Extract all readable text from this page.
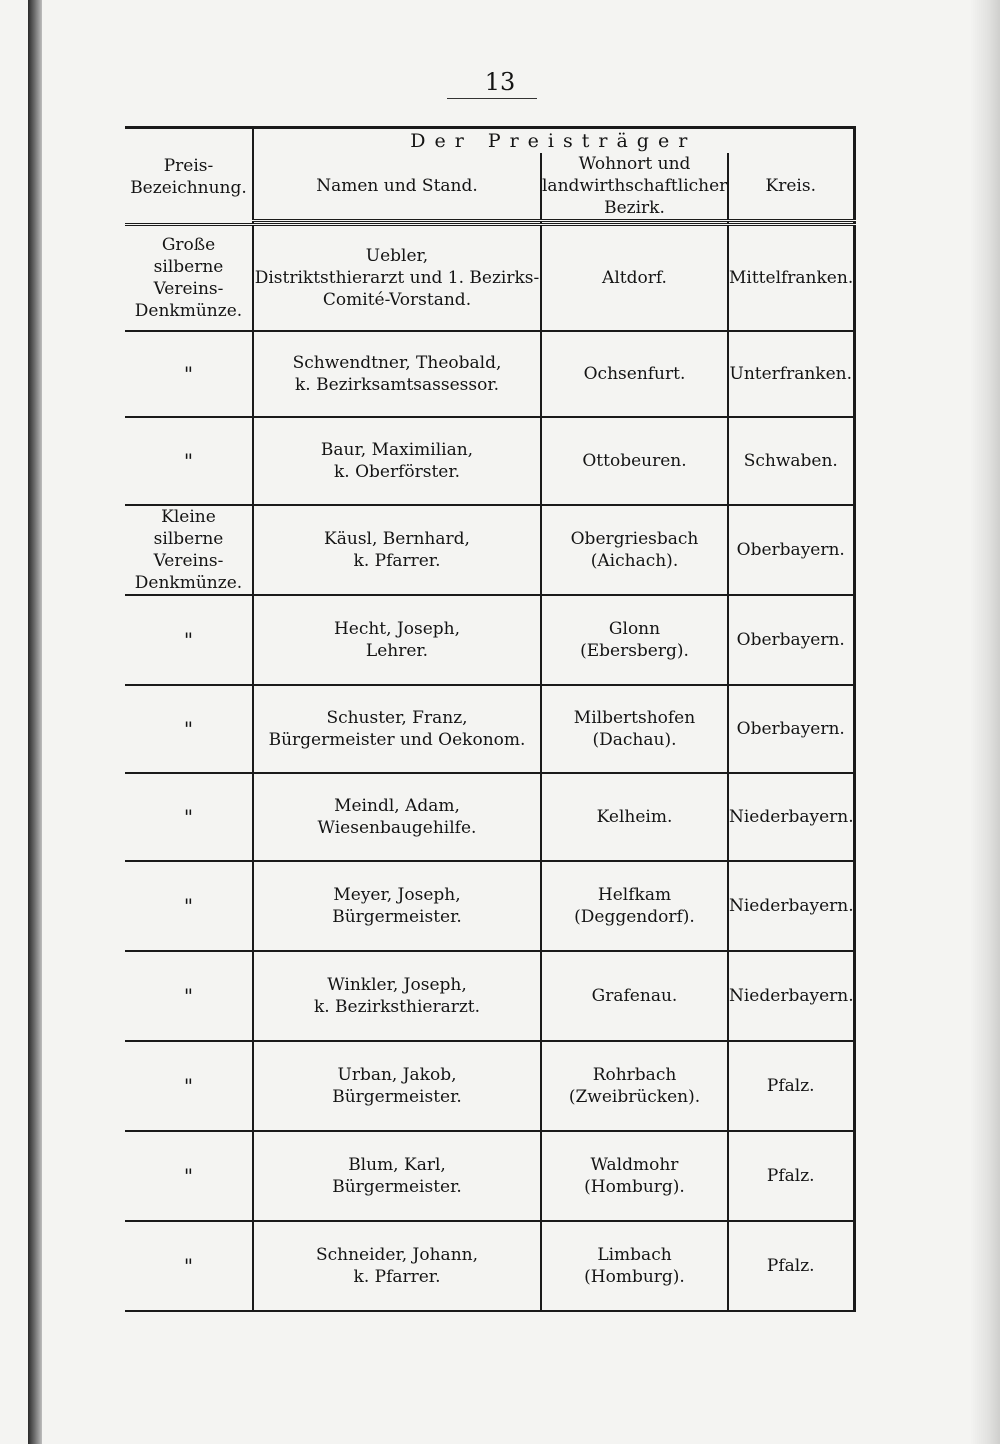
13
Preis-
Bezeichnung.	Der Preisträger		

	Namen und Stand.	Wohnort und
landwirthschaftlicher
Bezirk.	Kreis.

Große silberne
Vereins-
Denkmünze.	Uebler,
Distriktsthierarzt und 1. Bezirks-
Comité-Vorstand.	Altdorf.	Mittelfranken.

"	Schwendtner, Theobald,
k. Bezirksamtsassessor.	Ochsenfurt.	Unterfranken.

"	Baur, Maximilian,
k. Oberförster.	Ottobeuren.	Schwaben.

Kleine silberne
Vereins-
Denkmünze.	Käusl, Bernhard,
k. Pfarrer.	Obergriesbach
(Aichach).	Oberbayern.

"	Hecht, Joseph,
Lehrer.	Glonn
(Ebersberg).	Oberbayern.

"	Schuster, Franz,
Bürgermeister und Oekonom.	Milbertshofen
(Dachau).	Oberbayern.

"	Meindl, Adam,
Wiesenbaugehilfe.	Kelheim.	Niederbayern.

"	Meyer, Joseph,
Bürgermeister.	Helfkam
(Deggendorf).	Niederbayern.

"	Winkler, Joseph,
k. Bezirksthierarzt.	Grafenau.	Niederbayern.

"	Urban, Jakob,
Bürgermeister.	Rohrbach
(Zweibrücken).	Pfalz.

"	Blum, Karl,
Bürgermeister.	Waldmohr
(Homburg).	Pfalz.

"	Schneider, Johann,
k. Pfarrer.	Limbach
(Homburg).	Pfalz.
